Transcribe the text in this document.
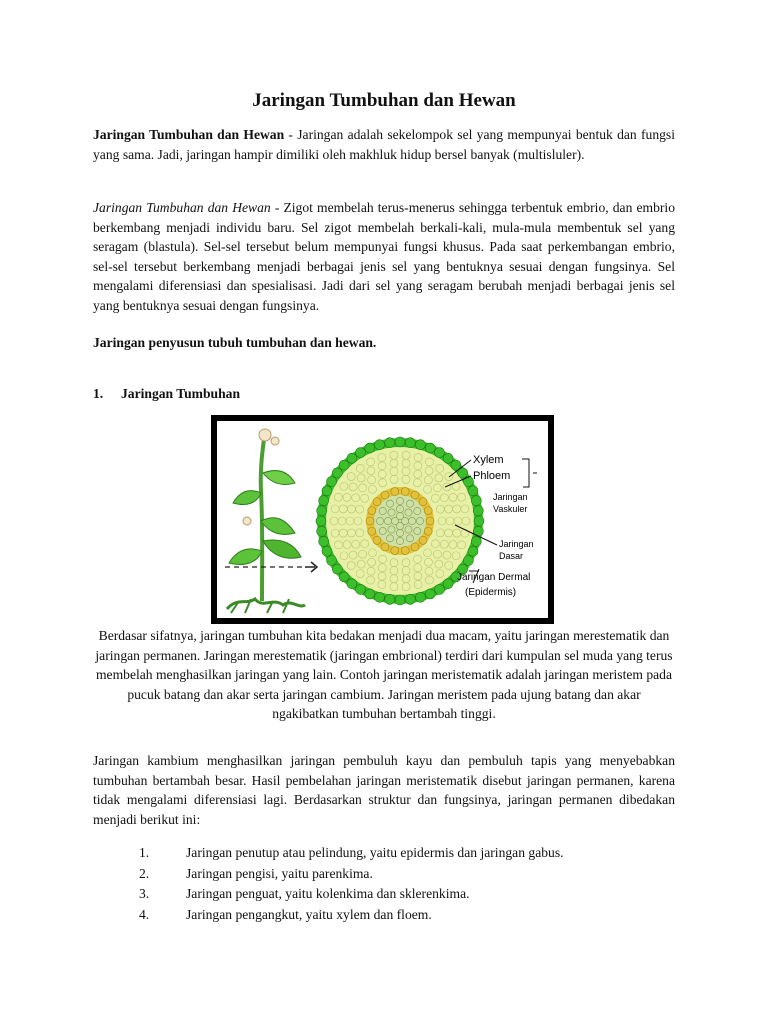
Jaringan Tumbuhan dan Hewan

Jaringan Tumbuhan dan Hewan - Jaringan adalah sekelompok sel yang mempunyai bentuk dan fungsi yang sama. Jadi, jaringan hampir dimiliki oleh makhluk hidup bersel banyak (multisluler).

Jaringan Tumbuhan dan Hewan - Zigot membelah terus-menerus sehingga terbentuk embrio, dan embrio berkembang menjadi individu baru. Sel zigot membelah berkali-kali, mula-mula membentuk sel yang seragam (blastula). Sel-sel tersebut belum mempunyai fungsi khusus. Pada saat perkembangan embrio, sel-sel tersebut berkembang menjadi berbagai jenis sel yang bentuknya sesuai dengan fungsinya. Sel mengalami diferensiasi dan spesialisasi. Jadi dari sel yang seragam berubah menjadi berbagai jenis sel yang bentuknya sesuai dengan fungsinya.

Jaringan penyusun tubuh tumbuhan dan hewan.

1. Jaringan Tumbuhan

Xylem
Phloem
Jaringan
Vaskuler
Jaringan
Dasar
Jaringan Dermal
(Epidermis)

Berdasar sifatnya, jaringan tumbuhan kita bedakan menjadi dua macam, yaitu jaringan merestematik dan jaringan permanen. Jaringan merestematik (jaringan embrional) terdiri dari kumpulan sel muda yang terus membelah menghasilkan jaringan yang lain. Contoh jaringan meristematik adalah jaringan meristem pada pucuk batang dan akar serta jaringan cambium. Jaringan meristem pada ujung batang dan akar ngakibatkan tumbuhan bertambah tinggi.

Jaringan kambium menghasilkan jaringan pembuluh kayu dan pembuluh tapis yang menyebabkan tumbuhan bertambah besar. Hasil pembelahan jaringan meristematik disebut jaringan permanen, karena tidak mengalami diferensiasi lagi. Berdasarkan struktur dan fungsinya, jaringan permanen dibedakan menjadi berikut ini:

1.	Jaringan penutup atau pelindung, yaitu epidermis dan jaringan gabus.
2.	Jaringan pengisi, yaitu parenkima.
3.	Jaringan penguat, yaitu kolenkima dan sklerenkima.
4.	Jaringan pengangkut, yaitu xylem dan floem.
